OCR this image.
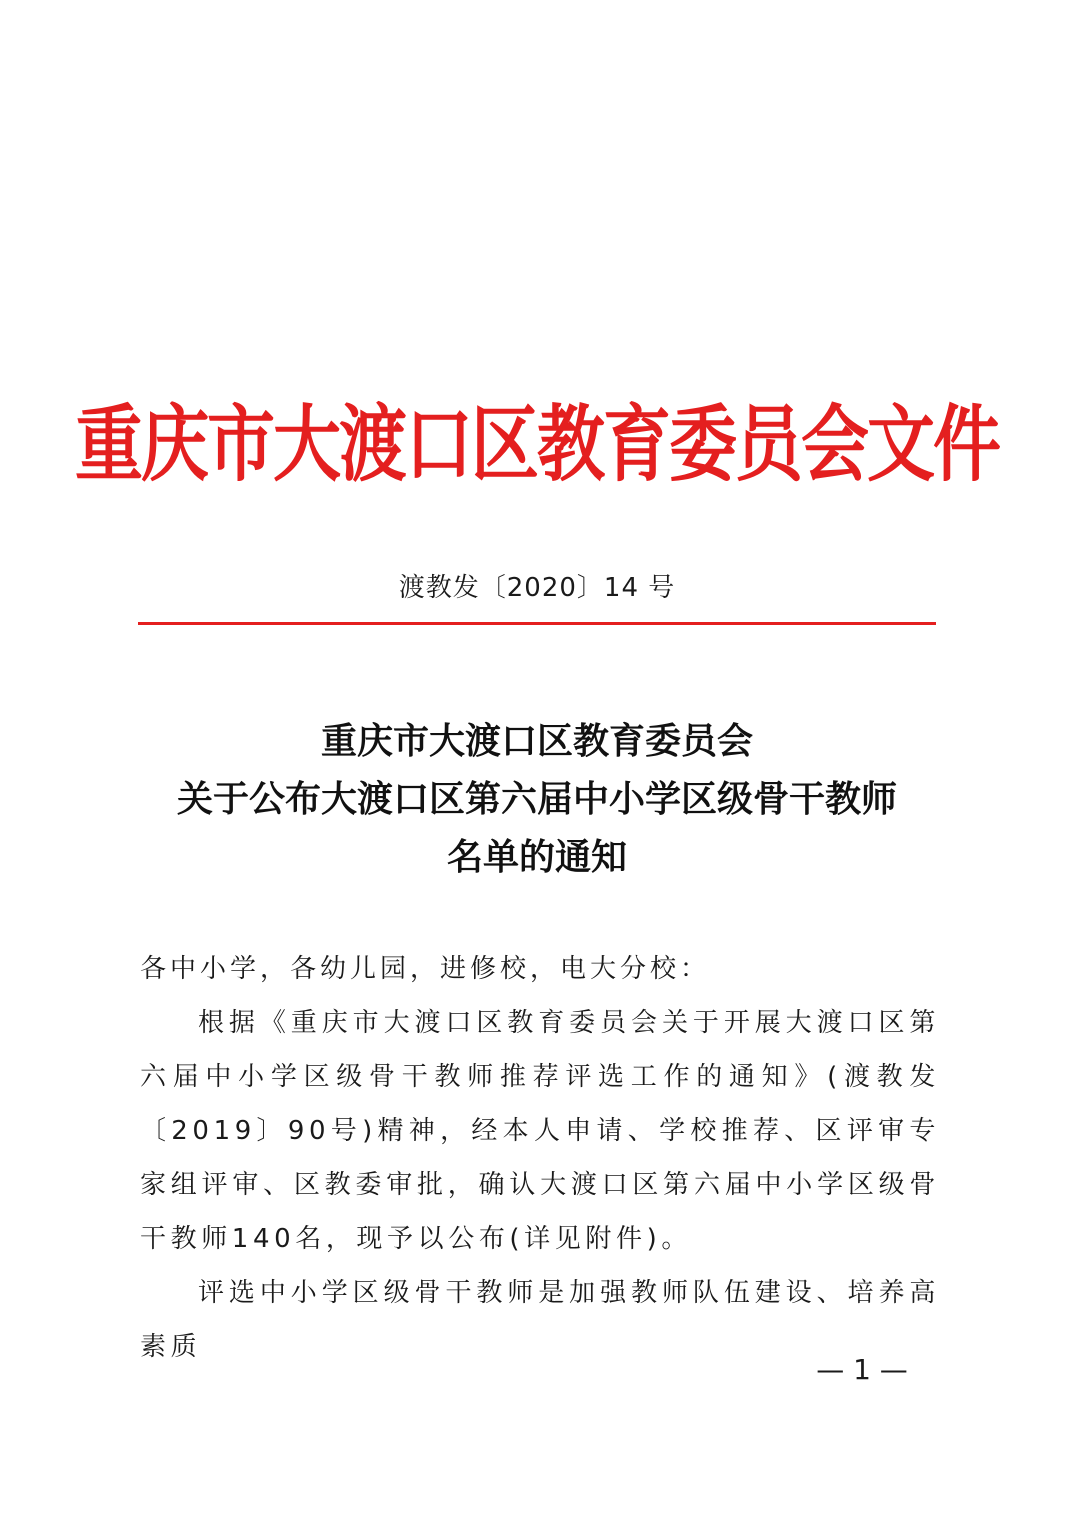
重庆市大渡口区教育委员会文件
渡教发〔2020〕14 号
重庆市大渡口区教育委员会
关于公布大渡口区第六届中小学区级骨干教师
名单的通知
各中小学，各幼儿园，进修校，电大分校：
根据《重庆市大渡口区教育委员会关于开展大渡口区第六届中小学区级骨干教师推荐评选工作的通知》(渡教发〔2019〕90号)精神，经本人申请、学校推荐、区评审专家组评审、区教委审批，确认大渡口区第六届中小学区级骨干教师140名，现予以公布(详见附件)。
评选中小学区级骨干教师是加强教师队伍建设、培养高素质
— 1 —
